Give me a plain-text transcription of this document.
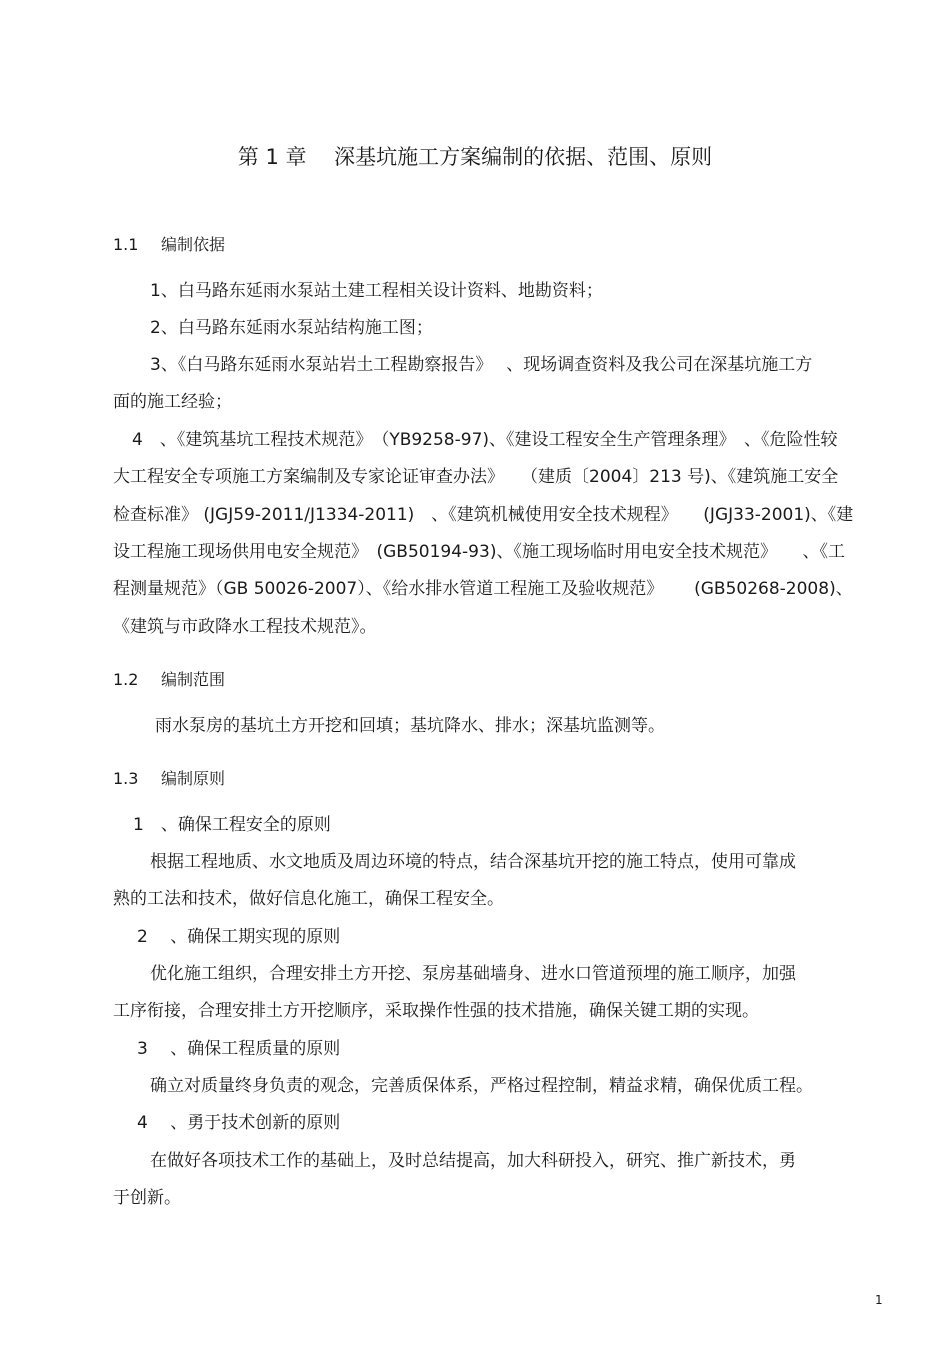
第 1 章　 深基坑施工方案编制的依据、范围、原则
1.1 编制依据
1、白马路东延雨水泵站土建工程相关设计资料、地勘资料；
2、白马路东延雨水泵站结构施工图；
3、《白马路东延雨水泵站岩土工程勘察报告》　 、现场调查资料及我公司在深基坑施工方
面的施工经验；
4　、《建筑基坑工程技术规范》　（YB9258-97)、《建设工程安全生产管理条理》　、《危险性较
大工程安全专项施工方案编制及专家论证审查办法》　　（建质〔2004〕213 号)、《建筑施工安全
检查标准》 (JGJ59-2011/J1334-2011)　、《建筑机械使用安全技术规程》　　(JGJ33-2001)、《建
设工程施工现场供用电安全规范》　(GB50194-93)、《施工现场临时用电安全技术规范》　　、《工
程测量规范》（GB 50026-2007）、《给水排水管道工程施工及验收规范》　　 (GB50268-2008)、
《建筑与市政降水工程技术规范》。
1.2 编制范围
雨水泵房的基坑土方开挖和回填；基坑降水、排水；深基坑监测等。
1.3 编制原则
1　、确保工程安全的原则
根据工程地质、水文地质及周边环境的特点，结合深基坑开挖的施工特点，使用可靠成
熟的工法和技术，做好信息化施工，确保工程安全。
2　 、确保工期实现的原则
优化施工组织，合理安排土方开挖、泵房基础墙身、进水口管道预埋的施工顺序，加强
工序衔接，合理安排土方开挖顺序，采取操作性强的技术措施，确保关键工期的实现。
3　 、确保工程质量的原则
确立对质量终身负责的观念，完善质保体系，严格过程控制，精益求精，确保优质工程。
4　 、勇于技术创新的原则
在做好各项技术工作的基础上，及时总结提高，加大科研投入，研究、推广新技术，勇
于创新。
1
